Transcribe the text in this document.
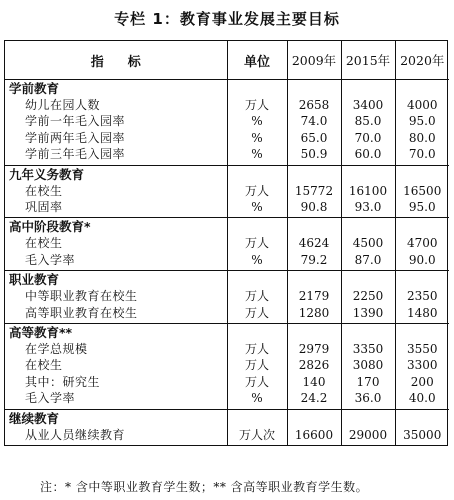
专栏 1：教育事业发展主要目标
指标	单位	2009年	2015年	2020年
学前教育				
幼儿在园人数	万人	2658	3400	4000
学前一年毛入园率	%	74.0	85.0	95.0
学前两年毛入园率	%	65.0	70.0	80.0
学前三年毛入园率	%	50.9	60.0	70.0
九年义务教育				
在校生	万人	15772	16100	16500
巩固率	%	90.8	93.0	95.0
高中阶段教育*				
在校生	万人	4624	4500	4700
毛入学率	%	79.2	87.0	90.0
职业教育				
中等职业教育在校生	万人	2179	2250	2350
高等职业教育在校生	万人	1280	1390	1480
高等教育**				
在学总规模	万人	2979	3350	3550
在校生	万人	2826	3080	3300
其中：研究生	万人	140	170	200
毛入学率	%	24.2	36.0	40.0
继续教育				
从业人员继续教育	万人次	16600	29000	35000
注：* 含中等职业教育学生数；** 含高等职业教育学生数。
